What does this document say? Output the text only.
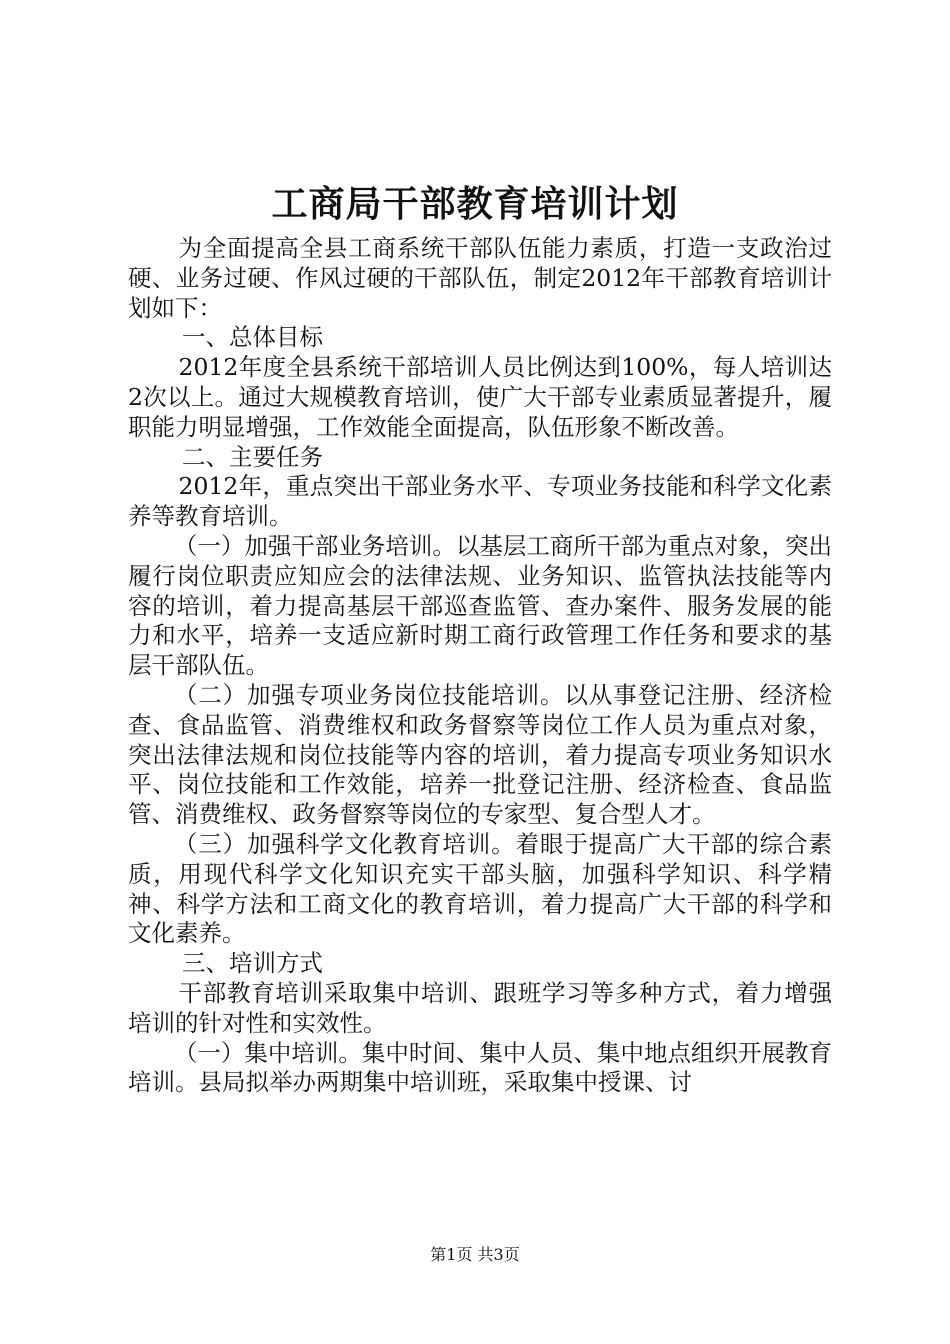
工商局干部教育培训计划

为全面提高全县工商系统干部队伍能力素质，打造一支政治过硬、业务过硬、作风过硬的干部队伍，制定2012年干部教育培训计划如下：

一、总体目标

2012年度全县系统干部培训人员比例达到100%，每人培训达2次以上。通过大规模教育培训，使广大干部专业素质显著提升，履职能力明显增强，工作效能全面提高，队伍形象不断改善。

二、主要任务

2012年，重点突出干部业务水平、专项业务技能和科学文化素养等教育培训。

（一）加强干部业务培训。以基层工商所干部为重点对象，突出履行岗位职责应知应会的法律法规、业务知识、监管执法技能等内容的培训，着力提高基层干部巡查监管、查办案件、服务发展的能力和水平，培养一支适应新时期工商行政管理工作任务和要求的基层干部队伍。

（二）加强专项业务岗位技能培训。以从事登记注册、经济检查、食品监管、消费维权和政务督察等岗位工作人员为重点对象，突出法律法规和岗位技能等内容的培训，着力提高专项业务知识水平、岗位技能和工作效能，培养一批登记注册、经济检查、食品监管、消费维权、政务督察等岗位的专家型、复合型人才。

（三）加强科学文化教育培训。着眼于提高广大干部的综合素质，用现代科学文化知识充实干部头脑，加强科学知识、科学精神、科学方法和工商文化的教育培训，着力提高广大干部的科学和文化素养。

三、培训方式

干部教育培训采取集中培训、跟班学习等多种方式，着力增强培训的针对性和实效性。

（一）集中培训。集中时间、集中人员、集中地点组织开展教育培训。县局拟举办两期集中培训班，采取集中授课、讨

第1页 共3页
